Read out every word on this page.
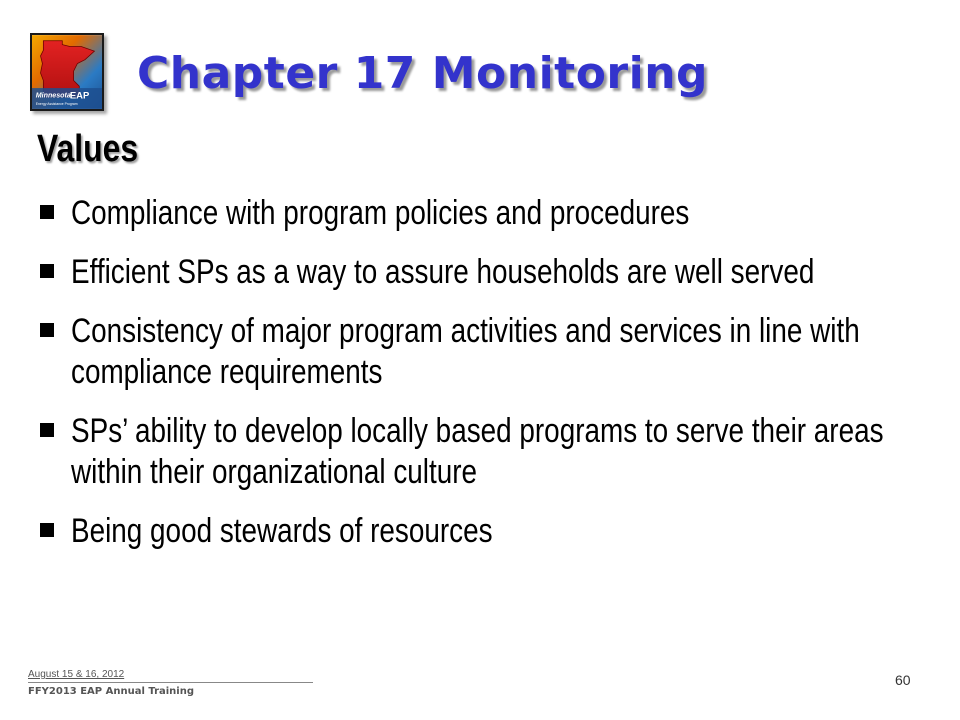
Minnesota EAP
Energy Assistance Program
Chapter 17 Monitoring
Values
Compliance with program policies and procedures
Efficient SPs as a way to assure households are well served
Consistency of major program activities and services in line with compliance requirements
SPs’ ability to develop locally based programs to serve their areas within their organizational culture
Being good stewards of resources
August 15 & 16, 2012
FFY2013 EAP Annual Training
60
